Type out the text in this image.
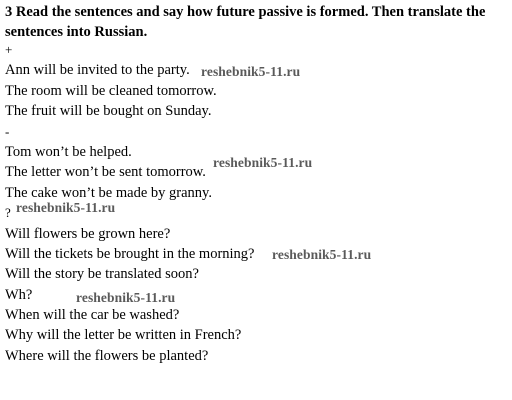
3 Read the sentences and say how future passive is formed. Then translate the sentences into Russian.
+
Ann will be invited to the party.
The room will be cleaned tomorrow.
The fruit will be bought on Sunday.
-
Tom won’t be helped.
The letter won’t be sent tomorrow.
The cake won’t be made by granny.
?
Will flowers be grown here?
Will the tickets be brought in the morning?
Will the story be translated soon?
Wh?
When will the car be washed?
Why will the letter be written in French?
Where will the flowers be planted?
reshebnik5-11.ru
reshebnik5-11.ru
reshebnik5-11.ru
reshebnik5-11.ru
reshebnik5-11.ru
